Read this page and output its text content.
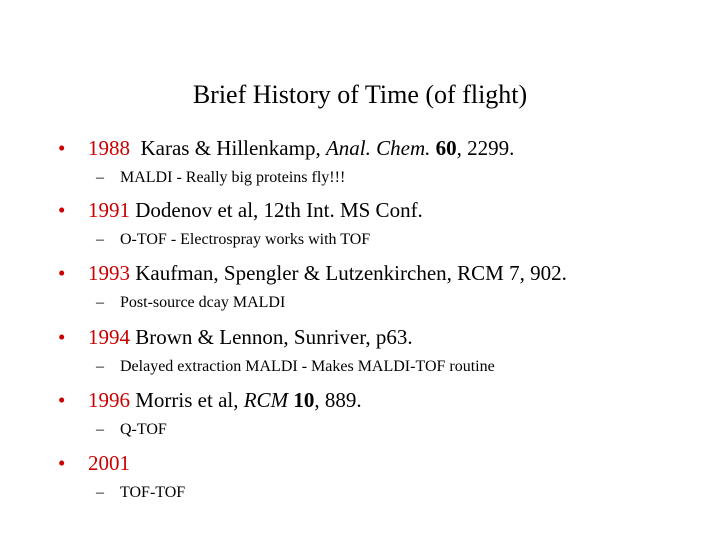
Brief History of Time (of flight)
• 1988 Karas & Hillenkamp, Anal. Chem. 60, 2299.
– MALDI - Really big proteins fly!!!
• 1991 Dodenov et al, 12th Int. MS Conf.
– O-TOF - Electrospray works with TOF
• 1993 Kaufman, Spengler & Lutzenkirchen, RCM 7, 902.
– Post-source dcay MALDI
• 1994 Brown & Lennon, Sunriver, p63.
– Delayed extraction MALDI - Makes MALDI-TOF routine
• 1996 Morris et al, RCM 10, 889.
– Q-TOF
• 2001
– TOF-TOF
